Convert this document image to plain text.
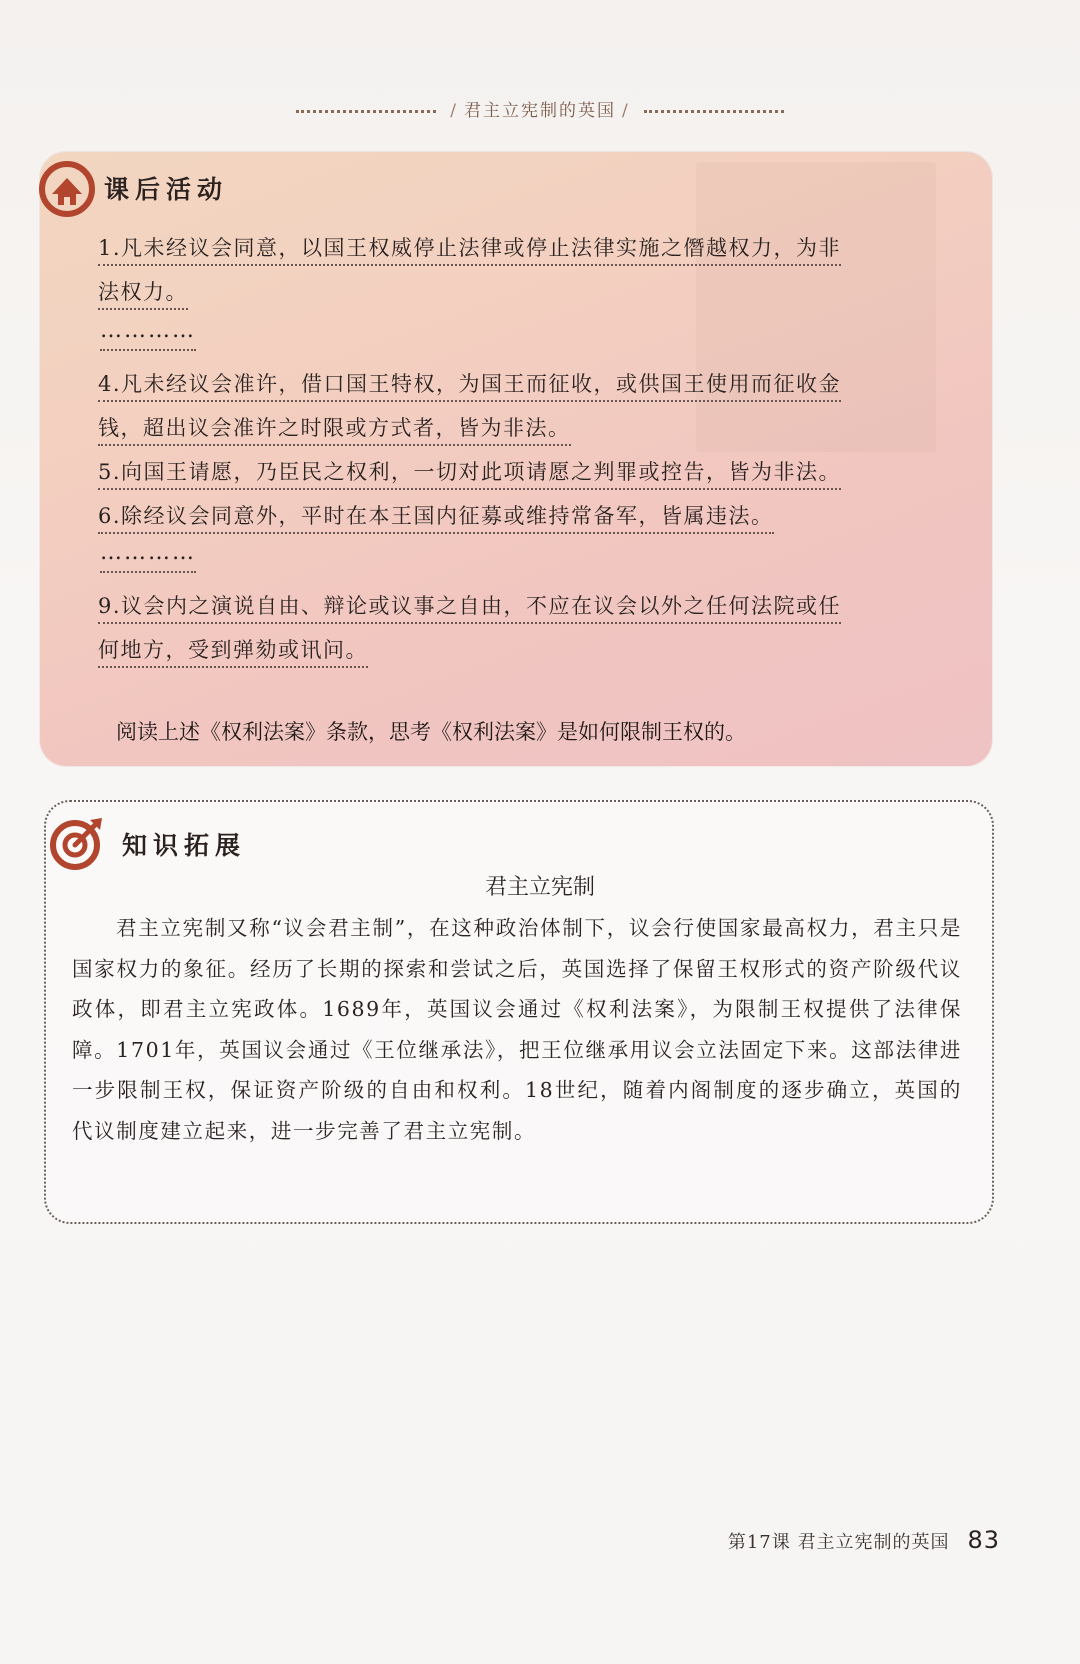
/ 君主立宪制的英国 /
课后活动
1.凡未经议会同意，以国王权威停止法律或停止法律实施之僭越权力，为非
法权力。
…………
4.凡未经议会准许，借口国王特权，为国王而征收，或供国王使用而征收金
钱，超出议会准许之时限或方式者，皆为非法。
5.向国王请愿，乃臣民之权利，一切对此项请愿之判罪或控告，皆为非法。
6.除经议会同意外，平时在本王国内征募或维持常备军，皆属违法。
…………
9.议会内之演说自由、辩论或议事之自由，不应在议会以外之任何法院或任
何地方，受到弹劾或讯问。
阅读上述《权利法案》条款，思考《权利法案》是如何限制王权的。
知识拓展
君主立宪制
君主立宪制又称“议会君主制”，在这种政治体制下，议会行使国家最高权力，君主只是国家权力的象征。经历了长期的探索和尝试之后，英国选择了保留王权形式的资产阶级代议政体，即君主立宪政体。1689年，英国议会通过《权利法案》，为限制王权提供了法律保障。1701年，英国议会通过《王位继承法》，把王位继承用议会立法固定下来。这部法律进一步限制王权，保证资产阶级的自由和权利。18世纪，随着内阁制度的逐步确立，英国的代议制度建立起来，进一步完善了君主立宪制。
第17课 君主立宪制的英国 83
